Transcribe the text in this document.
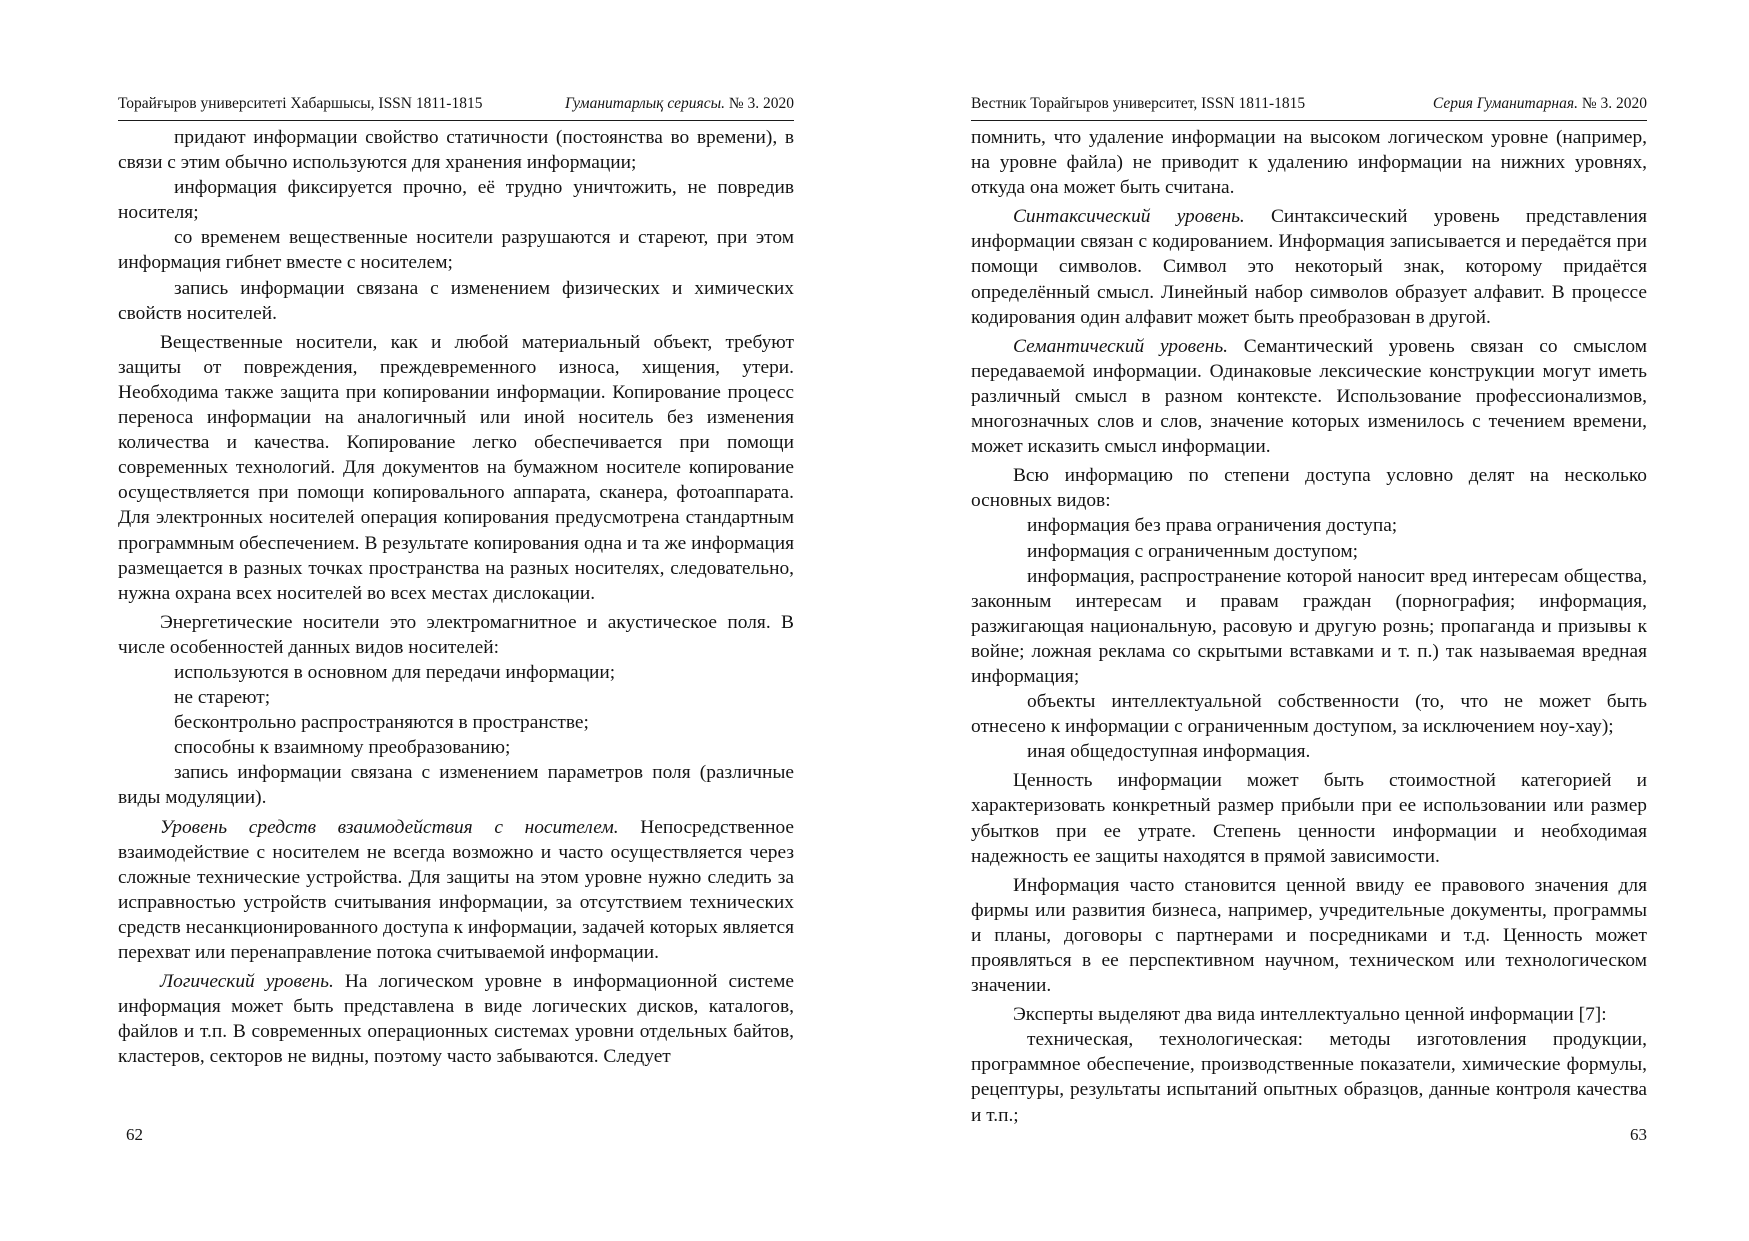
Торайғыров университеті Хабаршысы, ISSN 1811-1815	Гуманитарлық сериясы. № 3. 2020

придают информации свойство статичности (постоянства во времени), в связи с этим обычно используются для хранения информации;

информация фиксируется прочно, её трудно уничтожить, не повредив носителя;

со временем вещественные носители разрушаются и стареют, при этом информация гибнет вместе с носителем;

запись информации связана с изменением физических и химических свойств носителей.

Вещественные носители, как и любой материальный объект, требуют защиты от повреждения, преждевременного износа, хищения, утери. Необходима также защита при копировании информации. Копирование процесс переноса информации на аналогичный или иной носитель без изменения количества и качества. Копирование легко обеспечивается при помощи современных технологий. Для документов на бумажном носителе копирование осуществляется при помощи копировального аппарата, сканера, фотоаппарата. Для электронных носителей операция копирования предусмотрена стандартным программным обеспечением. В результате копирования одна и та же информация размещается в разных точках пространства на разных носителях, следовательно, нужна охрана всех носителей во всех местах дислокации.

Энергетические носители это электромагнитное и акустическое поля. В числе особенностей данных видов носителей:

используются в основном для передачи информации;

не стареют;

бесконтрольно распространяются в пространстве;

способны к взаимному преобразованию;

запись информации связана с изменением параметров поля (различные виды модуляции).

Уровень средств взаимодействия с носителем. Непосредственное взаимодействие с носителем не всегда возможно и часто осуществляется через сложные технические устройства. Для защиты на этом уровне нужно следить за исправностью устройств считывания информации, за отсутствием технических средств несанкционированного доступа к информации, задачей которых является перехват или перенаправление потока считываемой информации.

Логический уровень. На логическом уровне в информационной системе информация может быть представлена в виде логических дисков, каталогов, файлов и т.п. В современных операционных системах уровни отдельных байтов, кластеров, секторов не видны, поэтому часто забываются. Следует

62
Вестник Торайгыров университет, ISSN 1811-1815	Серия Гуманитарная. № 3. 2020

помнить, что удаление информации на высоком логическом уровне (например, на уровне файла) не приводит к удалению информации на нижних уровнях, откуда она может быть считана.

Синтаксический уровень. Синтаксический уровень представления информации связан с кодированием. Информация записывается и передаётся при помощи символов. Символ это некоторый знак, которому придаётся определённый смысл. Линейный набор символов образует алфавит. В процессе кодирования один алфавит может быть преобразован в другой.

Семантический уровень. Семантический уровень связан со смыслом передаваемой информации. Одинаковые лексические конструкции могут иметь различный смысл в разном контексте. Использование профессионализмов, многозначных слов и слов, значение которых изменилось с течением времени, может исказить смысл информации.

Всю информацию по степени доступа условно делят на несколько основных видов:

информация без права ограничения доступа;

информация с ограниченным доступом;

информация, распространение которой наносит вред интересам общества, законным интересам и правам граждан (порнография; информация, разжигающая национальную, расовую и другую рознь; пропаганда и призывы к войне; ложная реклама со скрытыми вставками и т. п.) так называемая вредная информация;

объекты интеллектуальной собственности (то, что не может быть отнесено к информации с ограниченным доступом, за исключением ноу-хау);

иная общедоступная информация.

Ценность информации может быть стоимостной категорией и характеризовать конкретный размер прибыли при ее использовании или размер убытков при ее утрате. Степень ценности информации и необходимая надежность ее защиты находятся в прямой зависимости.

Информация часто становится ценной ввиду ее правового значения для фирмы или развития бизнеса, например, учредительные документы, программы и планы, договоры с партнерами и посредниками и т.д. Ценность может проявляться в ее перспективном научном, техническом или технологическом значении.

Эксперты выделяют два вида интеллектуально ценной информации [7]:

техническая, технологическая: методы изготовления продукции, программное обеспечение, производственные показатели, химические формулы, рецептуры, результаты испытаний опытных образцов, данные контроля качества и т.п.;

63
